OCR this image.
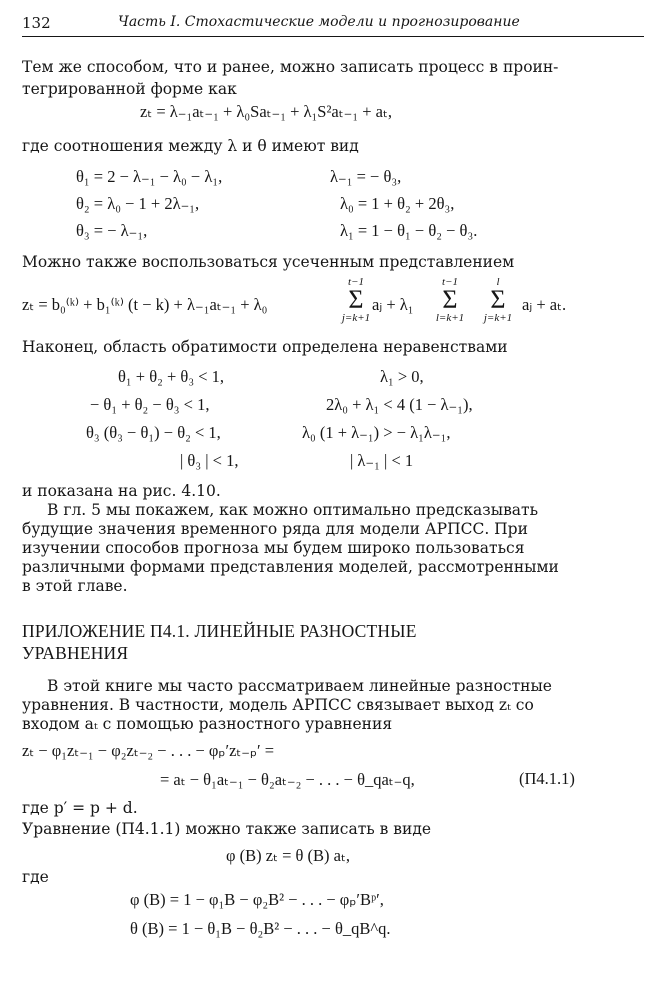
132	Часть I. Стохастические модели и прогнозирование
Тем же способом, что и ранее, можно записать процесс в проин-
тегрированной форме как
zₜ = λ₋₁aₜ₋₁ + λ₀Saₜ₋₁ + λ₁S²aₜ₋₁ + aₜ,
где соотношения между λ и θ имеют вид
θ₁ = 2 − λ₋₁ − λ₀ − λ₁,
θ₂ = λ₀ − 1 + 2λ₋₁,
θ₃ = − λ₋₁,
λ₋₁ = − θ₃,
λ₀ = 1 + θ₂ + 2θ₃,
λ₁ = 1 − θ₁ − θ₂ − θ₃.
Можно также воспользоваться усеченным представлением
zₜ = b₀⁽ᵏ⁾ + b₁⁽ᵏ⁾ (t − k) + λ₋₁aₜ₋₁ + λ₀
t−1
Σ
j=k+1
aⱼ + λ₁
t−1
Σ
l=k+1
l
Σ
j=k+1
aⱼ + aₜ.
Наконец, область обратимости определена неравенствами
θ₁ + θ₂ + θ₃ < 1,
− θ₁ + θ₂ − θ₃ < 1,
θ₃ (θ₃ − θ₁) − θ₂ < 1,
| θ₃ | < 1,
λ₁ > 0,
2λ₀ + λ₁ < 4 (1 − λ₋₁),
λ₀ (1 + λ₋₁) > − λ₁λ₋₁,
| λ₋₁ | < 1
и показана на рис. 4.10.
В гл. 5 мы покажем, как можно оптимально предсказывать
будущие значения временного ряда для модели АРПСС. При
изучении способов прогноза мы будем широко пользоваться
различными формами представления моделей, рассмотренными
в этой главе.
ПРИЛОЖЕНИЕ П4.1. ЛИНЕЙНЫЕ РАЗНОСТНЫЕ
УРАВНЕНИЯ
В этой книге мы часто рассматриваем линейные разностные
уравнения. В частности, модель АРПСС связывает выход zₜ со
входом aₜ с помощью разностного уравнения
zₜ − φ₁zₜ₋₁ − φ₂zₜ₋₂ − . . . − φₚ′zₜ₋ₚ′ =
= aₜ − θ₁aₜ₋₁ − θ₂aₜ₋₂ − . . . − θ_qaₜ₋q,	(П4.1.1)
где p′ = p + d.
Уравнение (П4.1.1) можно также записать в виде
φ (B) zₜ = θ (B) aₜ,
где
φ (B) = 1 − φ₁B − φ₂B² − . . . − φₚ′Bᵖ′,
θ (B) = 1 − θ₁B − θ₂B² − . . . − θ_qB^q.
